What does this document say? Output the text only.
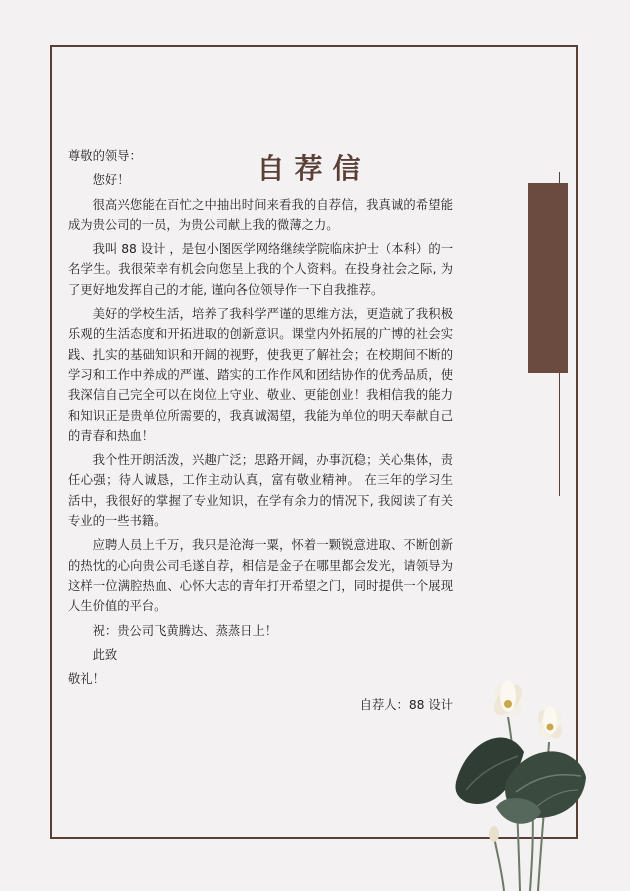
自荐信

尊敬的领导：

您好！

很高兴您能在百忙之中抽出时间来看我的自荐信，我真诚的希望能成为贵公司的一员，为贵公司献上我的微薄之力。

我叫 88 设计 ，是包小图医学网络继续学院临床护士（本科）的一名学生。我很荣幸有机会向您呈上我的个人资料。在投身社会之际, 为了更好地发挥自己的才能, 谨向各位领导作一下自我推荐。

美好的学校生活，培养了我科学严谨的思维方法，更造就了我积极乐观的生活态度和开拓进取的创新意识。课堂内外拓展的广博的社会实践、扎实的基础知识和开阔的视野，使我更了解社会；在校期间不断的学习和工作中养成的严谨、踏实的工作作风和团结协作的优秀品质，使我深信自己完全可以在岗位上守业、敬业、更能创业！我相信我的能力和知识正是贵单位所需要的，我真诚渴望，我能为单位的明天奉献自己的青春和热血！

我个性开朗活泼，兴趣广泛；思路开阔，办事沉稳；关心集体，责任心强；待人诚恳，工作主动认真，富有敬业精神。 在三年的学习生活中，我很好的掌握了专业知识，在学有余力的情况下, 我阅读了有关专业的一些书籍。

应聘人员上千万，我只是沧海一粟，怀着一颗锐意进取、不断创新的热忱的心向贵公司毛遂自荐，相信是金子在哪里都会发光，请领导为这样一位满腔热血、心怀大志的青年打开希望之门，同时提供一个展现人生价值的平台。

祝：贵公司飞黄腾达、蒸蒸日上！

此致

敬礼！

自荐人：88 设计
